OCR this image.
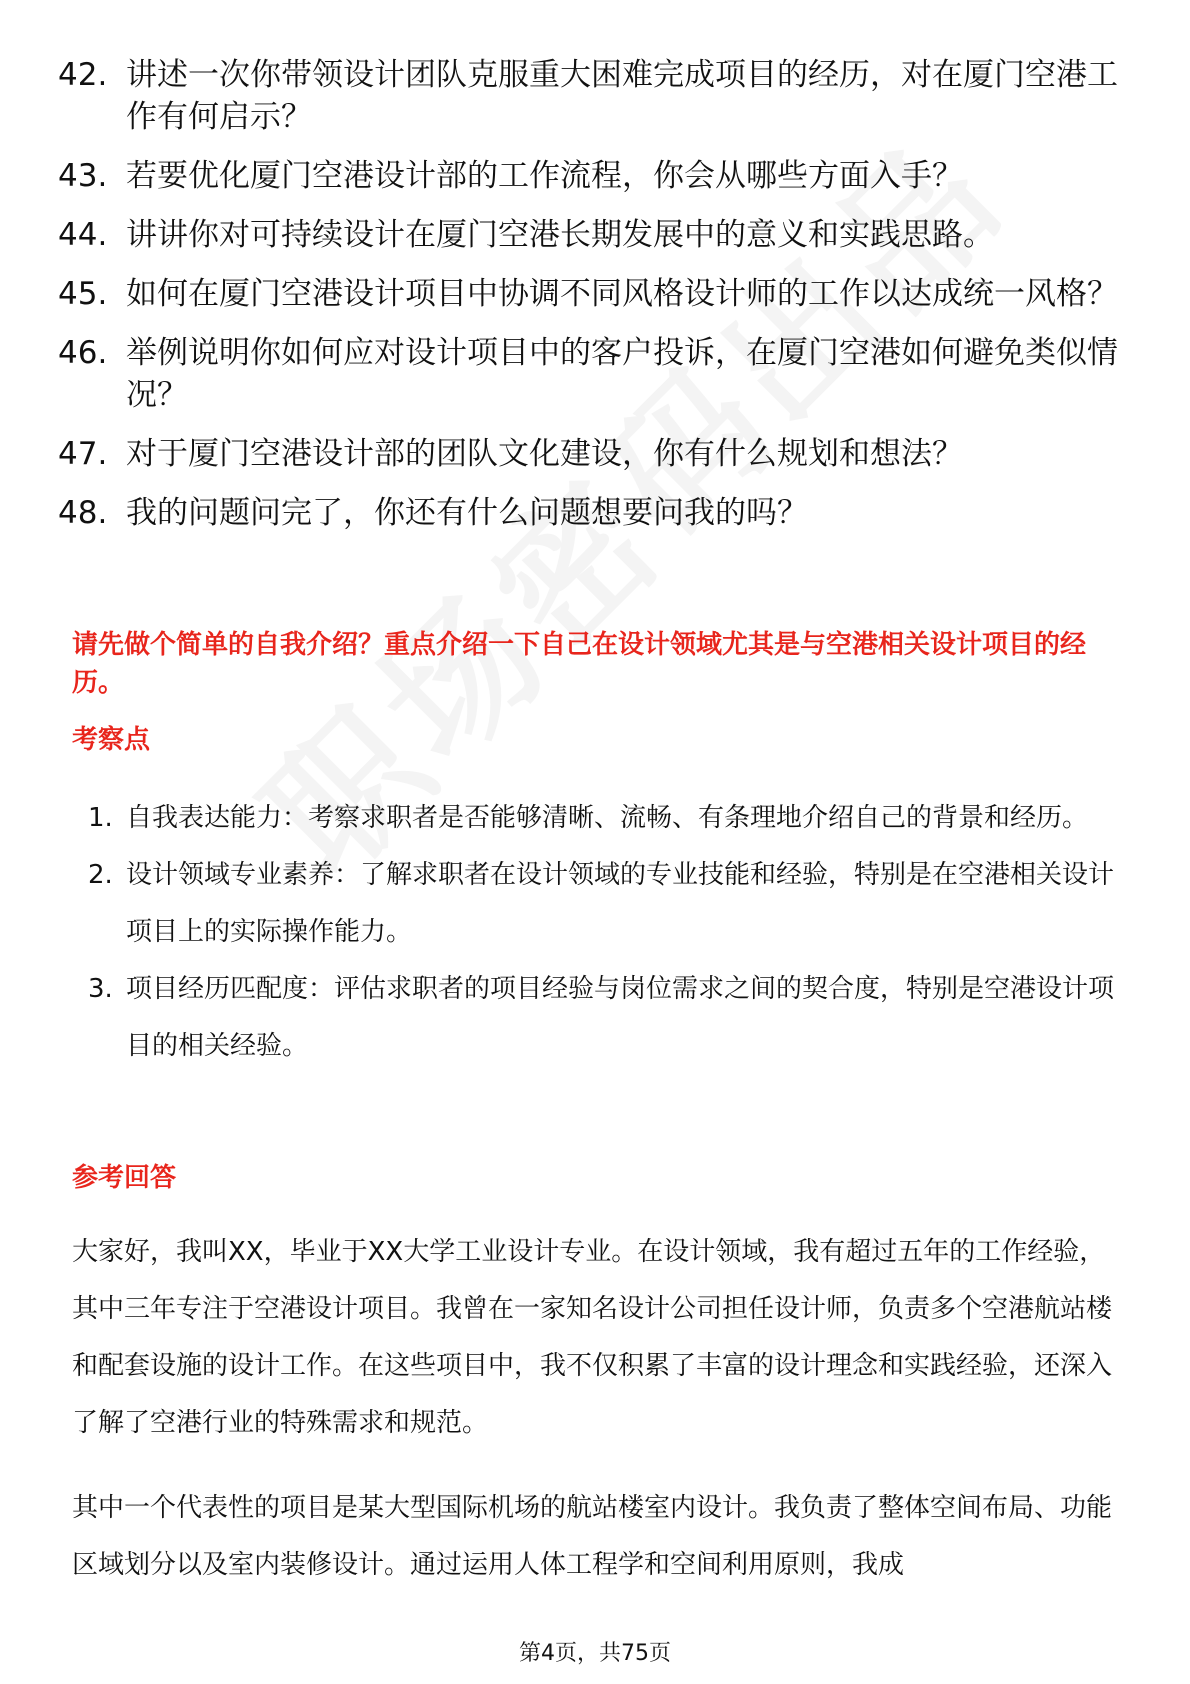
42. 讲述一次你带领设计团队克服重大困难完成项目的经历，对在厦门空港工作有何启示？
43. 若要优化厦门空港设计部的工作流程，你会从哪些方面入手？
44. 讲讲你对可持续设计在厦门空港长期发展中的意义和实践思路。
45. 如何在厦门空港设计项目中协调不同风格设计师的工作以达成统一风格？
46. 举例说明你如何应对设计项目中的客户投诉，在厦门空港如何避免类似情况？
47. 对于厦门空港设计部的团队文化建设，你有什么规划和想法？
48. 我的问题问完了，你还有什么问题想要问我的吗？

请先做个简单的自我介绍？重点介绍一下自己在设计领域尤其是与空港相关设计项目的经历。

考察点

1. 自我表达能力：考察求职者是否能够清晰、流畅、有条理地介绍自己的背景和经历。
2. 设计领域专业素养：了解求职者在设计领域的专业技能和经验，特别是在空港相关设计项目上的实际操作能力。
3. 项目经历匹配度：评估求职者的项目经验与岗位需求之间的契合度，特别是空港设计项目的相关经验。

参考回答

大家好，我叫XX，毕业于XX大学工业设计专业。在设计领域，我有超过五年的工作经验，其中三年专注于空港设计项目。我曾在一家知名设计公司担任设计师，负责多个空港航站楼和配套设施的设计工作。在这些项目中，我不仅积累了丰富的设计理念和实践经验，还深入了解了空港行业的特殊需求和规范。

其中一个代表性的项目是某大型国际机场的航站楼室内设计。我负责了整体空间布局、功能区域划分以及室内装修设计。通过运用人体工程学和空间利用原则，我成

第4页，共75页
